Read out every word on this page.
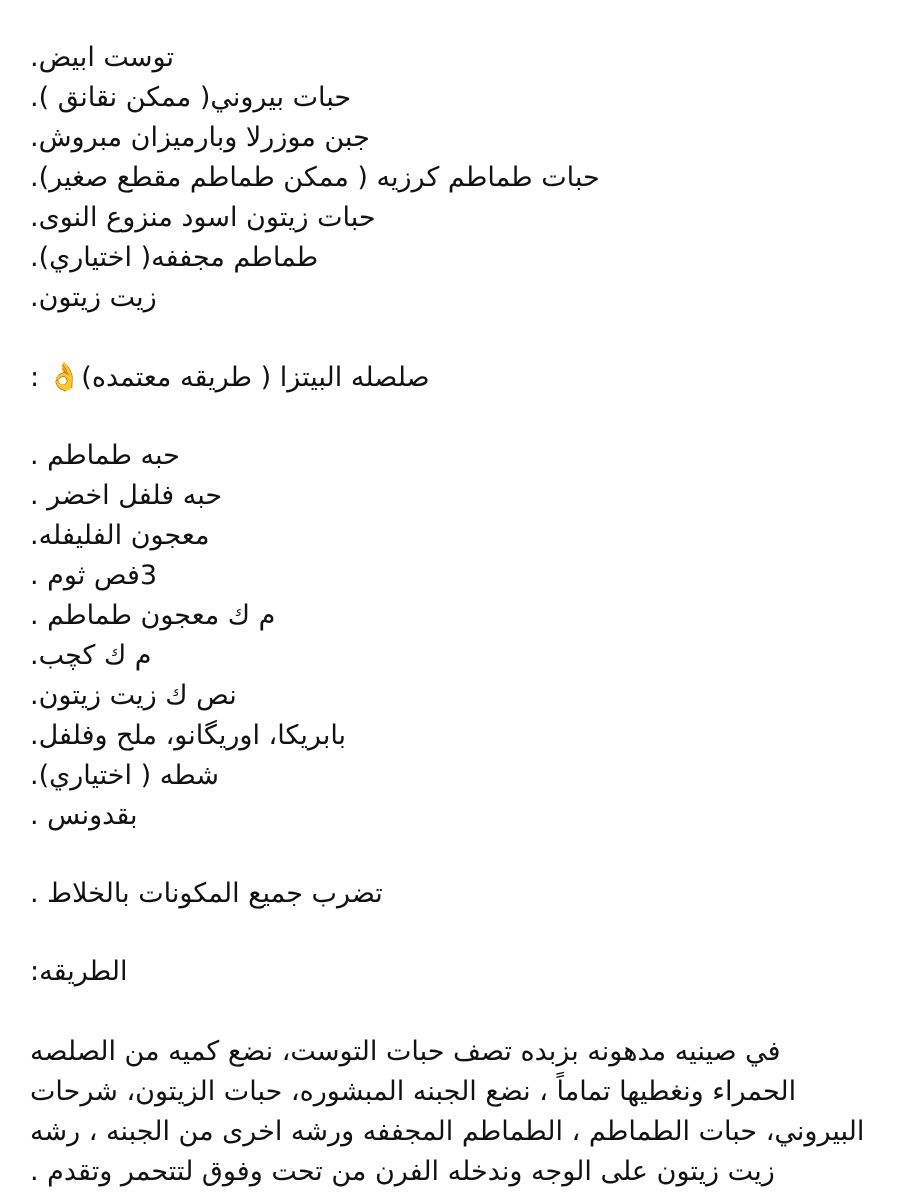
توست ابيض.
حبات بيروني( ممكن نقانق ).
جبن موزرلا وبارميزان مبروش.
حبات طماطم كرزيه ( ممكن طماطم مقطع صغير).
حبات زيتون اسود منزوع النوى.
طماطم مجففه( اختياري).
زيت زيتون.
صلصله البيتزا ( طريقه معتمده)👌 :
حبه طماطم .
حبه فلفل اخضر .
معجون الفليفله.
3فص ثوم .
م ك معجون طماطم .
م ك كچب.
نص ك زيت زيتون.
بابريكا، اوريگانو، ملح وفلفل.
شطه ( اختياري).
بقدونس .
تضرب جميع المكونات بالخلاط .
الطريقه:
في صينيه مدهونه بزبده تصف حبات التوست، نضع كميه من الصلصه
الحمراء ونغطيها تماماً ، نضع الجبنه المبشوره، حبات الزيتون، شرحات
البيروني، حبات الطماطم ، الطماطم المجففه ورشه اخرى من الجبنه ، رشه
زيت زيتون على الوجه وندخله الفرن من تحت وفوق لتتحمر وتقدم .
